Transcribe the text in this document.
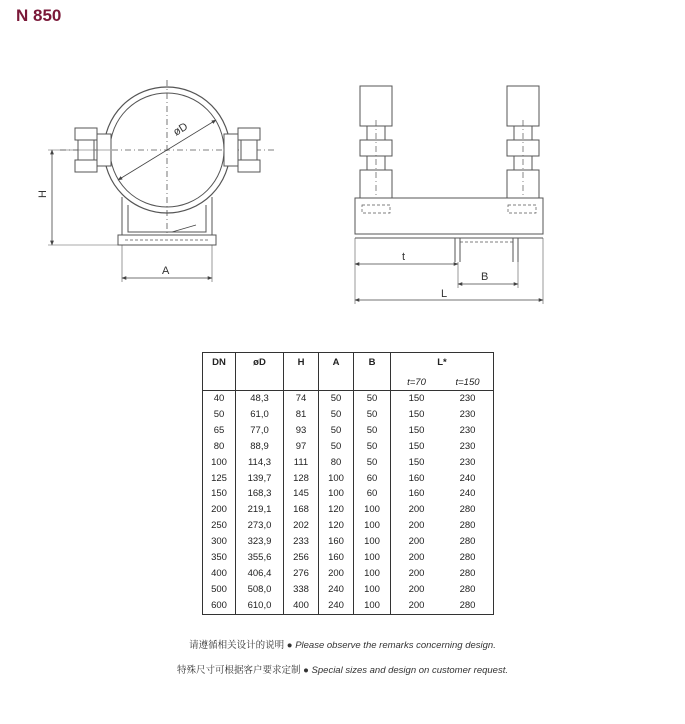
N 850
øD
H
A
t
B
L
DN	øD	H	A	B	L*	
					t=70	t=150
40	48,3	74	50	50	150	230
50	61,0	81	50	50	150	230
65	77,0	93	50	50	150	230
80	88,9	97	50	50	150	230
100	114,3	111	80	50	150	230
125	139,7	128	100	60	160	240
150	168,3	145	100	60	160	240
200	219,1	168	120	100	200	280
250	273,0	202	120	100	200	280
300	323,9	233	160	100	200	280
350	355,6	256	160	100	200	280
400	406,4	276	200	100	200	280
500	508,0	338	240	100	200	280
600	610,0	400	240	100	200	280
请遵循相关设计的说明 ● Please observe the remarks concerning design.
特殊尺寸可根据客户要求定制 ● Special sizes and design on customer request.
